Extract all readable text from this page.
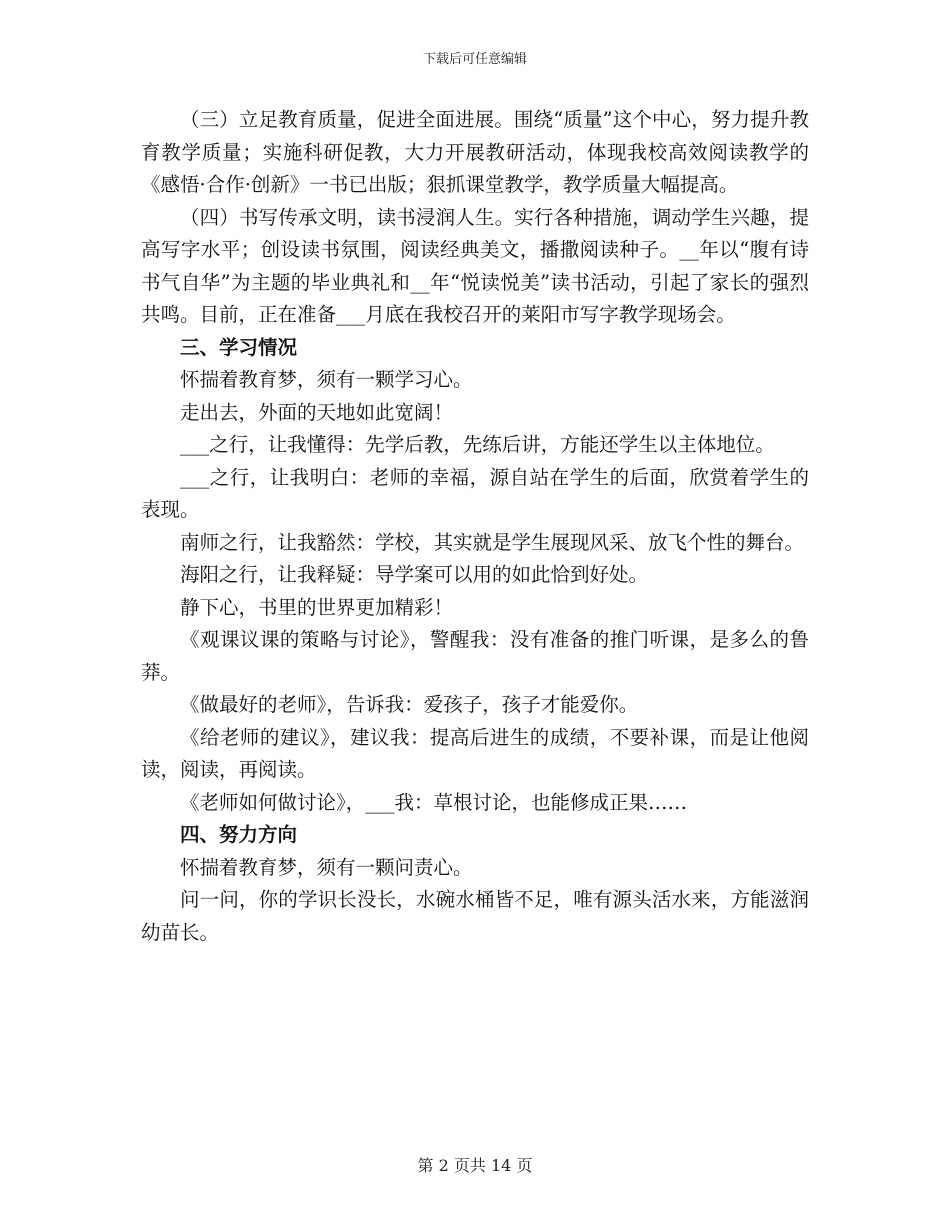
下载后可任意编辑

（三）立足教育质量，促进全面进展。围绕“质量”这个中心，努力提升教育教学质量；实施科研促教，大力开展教研活动，体现我校高效阅读教学的《感悟·合作·创新》一书已出版；狠抓课堂教学，教学质量大幅提高。

（四）书写传承文明，读书浸润人生。实行各种措施，调动学生兴趣，提高写字水平；创设读书氛围，阅读经典美文，播撒阅读种子。__年以“腹有诗书气自华”为主题的毕业典礼和__年“悦读悦美”读书活动，引起了家长的强烈共鸣。目前，正在准备___月底在我校召开的莱阳市写字教学现场会。

三、学习情况

怀揣着教育梦，须有一颗学习心。

走出去，外面的天地如此宽阔！

___之行，让我懂得：先学后教，先练后讲，方能还学生以主体地位。

___之行，让我明白：老师的幸福，源自站在学生的后面，欣赏着学生的表现。

南师之行，让我豁然：学校，其实就是学生展现风采、放飞个性的舞台。

海阳之行，让我释疑：导学案可以用的如此恰到好处。

静下心，书里的世界更加精彩！

《观课议课的策略与讨论》，警醒我：没有准备的推门听课，是多么的鲁莽。

《做最好的老师》，告诉我：爱孩子，孩子才能爱你。

《给老师的建议》，建议我：提高后进生的成绩，不要补课，而是让他阅读，阅读，再阅读。

《老师如何做讨论》，___我：草根讨论，也能修成正果……

四、努力方向

怀揣着教育梦，须有一颗问责心。

问一问，你的学识长没长，水碗水桶皆不足，唯有源头活水来，方能滋润幼苗长。

第 2 页共 14 页
